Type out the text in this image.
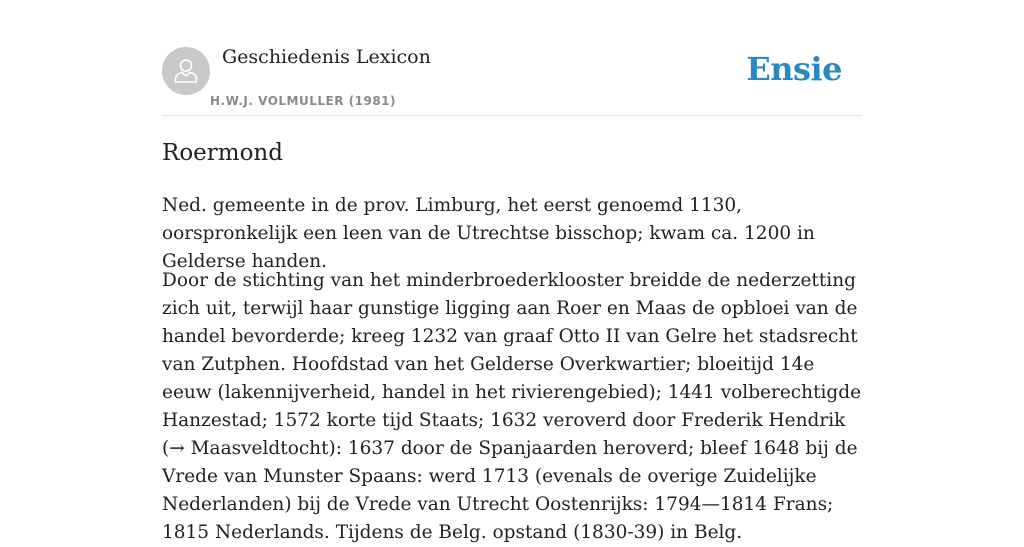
Geschiedenis Lexicon
H.W.J. VOLMULLER (1981)
Ensie
Roermond

Ned. gemeente in de prov. Limburg, het eerst genoemd 1130, oorspronkelijk een leen van de Utrechtse bisschop; kwam ca. 1200 in Gelderse handen.

Door de stichting van het minderbroederklooster breidde de nederzetting zich uit, terwijl haar gunstige ligging aan Roer en Maas de opbloei van de handel bevorderde; kreeg 1232 van graaf Otto II van Gelre het stadsrecht van Zutphen. Hoofdstad van het Gelderse Overkwartier; bloeitijd 14e eeuw (lakennijverheid, handel in het rivierengebied); 1441 volberechtigde Hanzestad; 1572 korte tijd Staats; 1632 veroverd door Frederik Hendrik (→ Maasveldtocht): 1637 door de Spanjaarden heroverd; bleef 1648 bij de Vrede van Munster Spaans: werd 1713 (evenals de overige Zuidelijke Nederlanden) bij de Vrede van Utrecht Oostenrijks: 1794—1814 Frans; 1815 Nederlands. Tijdens de Belg. opstand (1830-39) in Belg.
